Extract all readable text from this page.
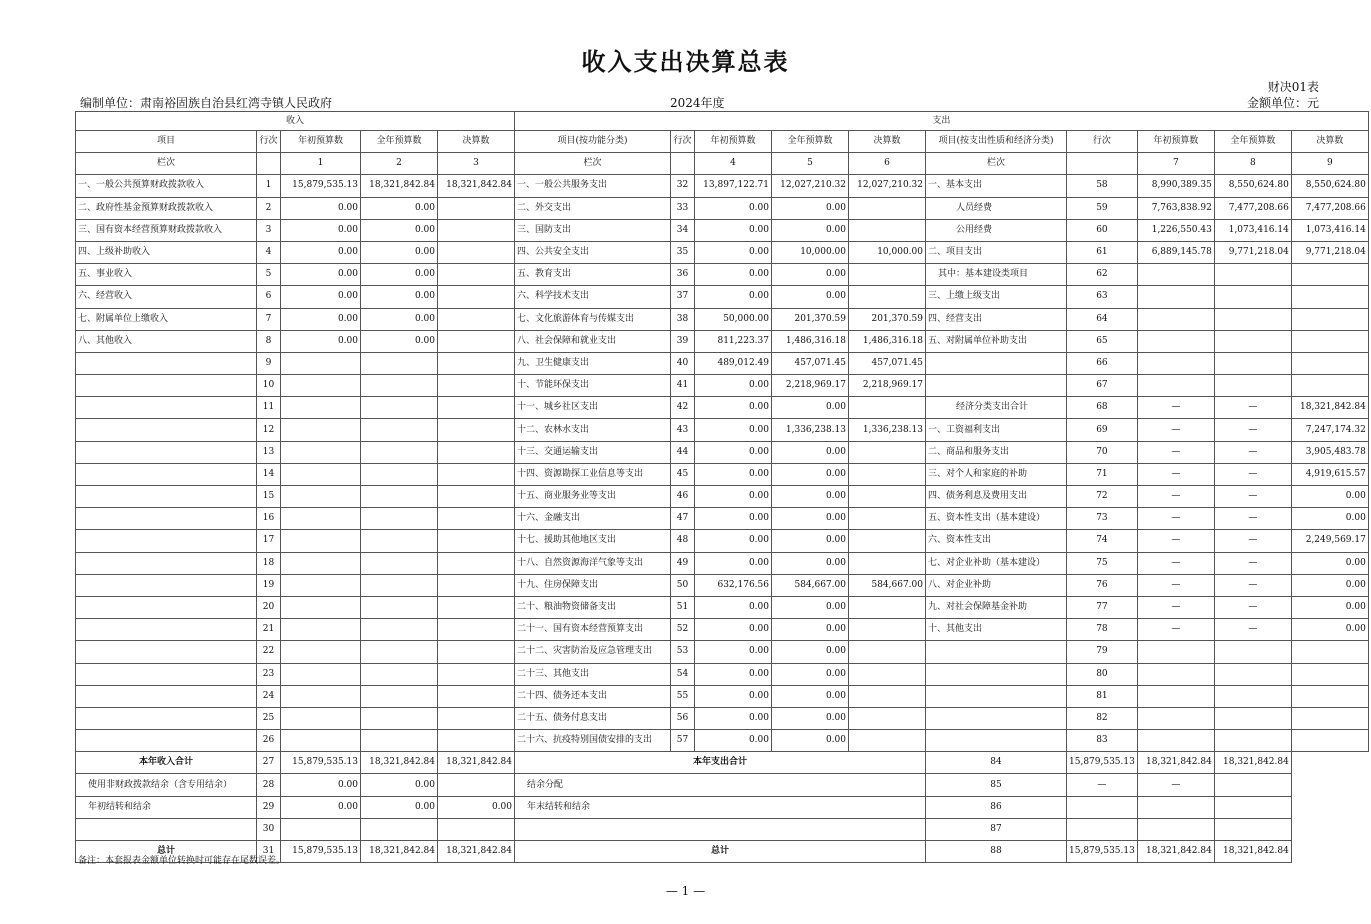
收入支出决算总表
财决01表
编制单位：肃南裕固族自治县红湾寺镇人民政府	2024年度	金额单位：元
收入					支出									
项目	行次	年初预算数	全年预算数	决算数	项目(按功能分类)	行次	年初预算数	全年预算数	决算数	项目(按支出性质和经济分类)	行次	年初预算数	全年预算数	决算数
栏次		1	2	3	栏次		4	5	6	栏次		7	8	9
一、一般公共预算财政拨款收入	1	15,879,535.13	18,321,842.84	18,321,842.84	一、一般公共服务支出	32	13,897,122.71	12,027,210.32	12,027,210.32	一、基本支出	58	8,990,389.35	8,550,624.80	8,550,624.80
二、政府性基金预算财政拨款收入	2	0.00	0.00		二、外交支出	33	0.00	0.00		人员经费	59	7,763,838.92	7,477,208.66	7,477,208.66
三、国有资本经营预算财政拨款收入	3	0.00	0.00		三、国防支出	34	0.00	0.00		公用经费	60	1,226,550.43	1,073,416.14	1,073,416.14
四、上级补助收入	4	0.00	0.00		四、公共安全支出	35	0.00	10,000.00	10,000.00	二、项目支出	61	6,889,145.78	9,771,218.04	9,771,218.04
五、事业收入	5	0.00	0.00		五、教育支出	36	0.00	0.00		其中：基本建设类项目	62			
六、经营收入	6	0.00	0.00		六、科学技术支出	37	0.00	0.00		三、上缴上级支出	63			
七、附属单位上缴收入	7	0.00	0.00		七、文化旅游体育与传媒支出	38	50,000.00	201,370.59	201,370.59	四、经营支出	64			
八、其他收入	8	0.00	0.00		八、社会保障和就业支出	39	811,223.37	1,486,316.18	1,486,316.18	五、对附属单位补助支出	65			
	9				九、卫生健康支出	40	489,012.49	457,071.45	457,071.45		66			
	10				十、节能环保支出	41	0.00	2,218,969.17	2,218,969.17		67			
	11				十一、城乡社区支出	42	0.00	0.00		经济分类支出合计	68	—	—	18,321,842.84
	12				十二、农林水支出	43	0.00	1,336,238.13	1,336,238.13	一、工资福利支出	69	—	—	7,247,174.32
	13				十三、交通运输支出	44	0.00	0.00		二、商品和服务支出	70	—	—	3,905,483.78
	14				十四、资源勘探工业信息等支出	45	0.00	0.00		三、对个人和家庭的补助	71	—	—	4,919,615.57
	15				十五、商业服务业等支出	46	0.00	0.00		四、债务利息及费用支出	72	—	—	0.00
	16				十六、金融支出	47	0.00	0.00		五、资本性支出（基本建设）	73	—	—	0.00
	17				十七、援助其他地区支出	48	0.00	0.00		六、资本性支出	74	—	—	2,249,569.17
	18				十八、自然资源海洋气象等支出	49	0.00	0.00		七、对企业补助（基本建设）	75	—	—	0.00
	19				十九、住房保障支出	50	632,176.56	584,667.00	584,667.00	八、对企业补助	76	—	—	0.00
	20				二十、粮油物资储备支出	51	0.00	0.00		九、对社会保障基金补助	77	—	—	0.00
	21				二十一、国有资本经营预算支出	52	0.00	0.00		十、其他支出	78	—	—	0.00
	22				二十二、灾害防治及应急管理支出	53	0.00	0.00			79			
	23				二十三、其他支出	54	0.00	0.00			80			
	24				二十四、债务还本支出	55	0.00	0.00			81			
	25				二十五、债务付息支出	56	0.00	0.00			82			
	26				二十六、抗疫特别国债安排的支出	57	0.00	0.00			83			
本年收入合计	27	15,879,535.13	18,321,842.84	18,321,842.84	本年支出合计					84	15,879,535.13	18,321,842.84	18,321,842.84	
使用非财政拨款结余（含专用结余）	28	0.00	0.00		结余分配					85	—	—		
年初结转和结余	29	0.00	0.00	0.00	年末结转和结余					86				
	30									87				
总计	31	15,879,535.13	18,321,842.84	18,321,842.84	总计					88	15,879,535.13	18,321,842.84	18,321,842.84	
备注：本套报表金额单位转换时可能存在尾数误差。
— 1 —
